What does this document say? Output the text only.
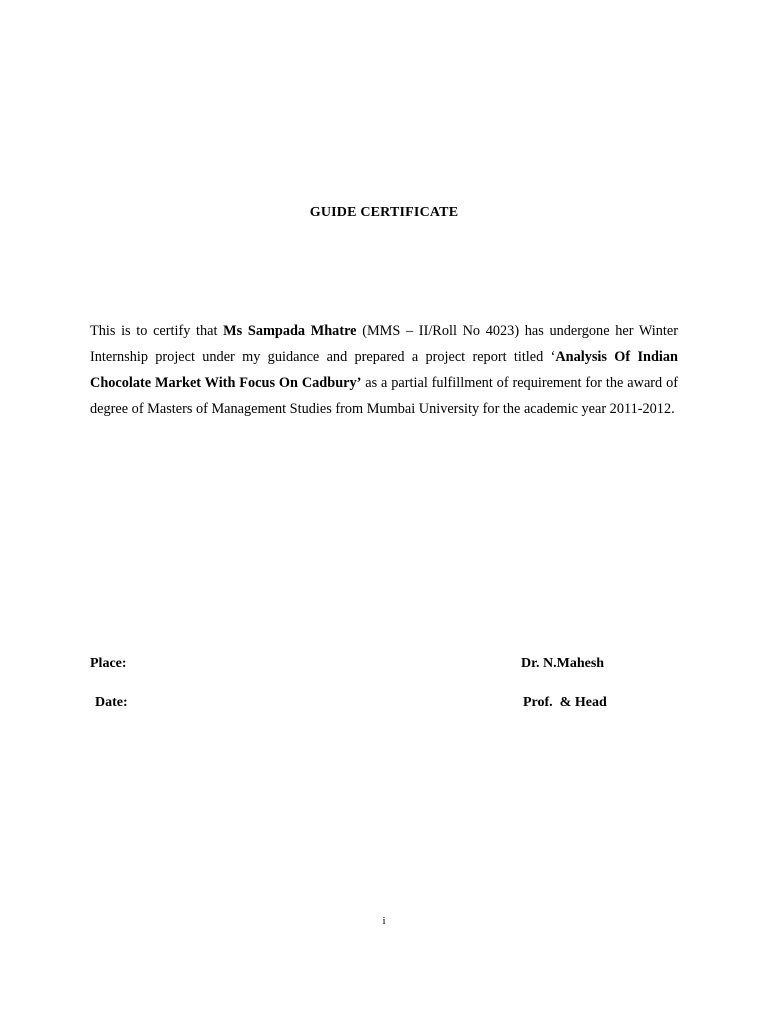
GUIDE CERTIFICATE
This is to certify that Ms Sampada Mhatre (MMS – II/Roll No 4023) has undergone her Winter Internship project under my guidance and prepared a project report titled ‘Analysis Of Indian Chocolate Market With Focus On Cadbury’ as a partial fulfillment of requirement for the award of degree of Masters of Management Studies from Mumbai University for the academic year 2011-2012.
Place:
Date:
Dr. N.Mahesh
Prof.  & Head
i
